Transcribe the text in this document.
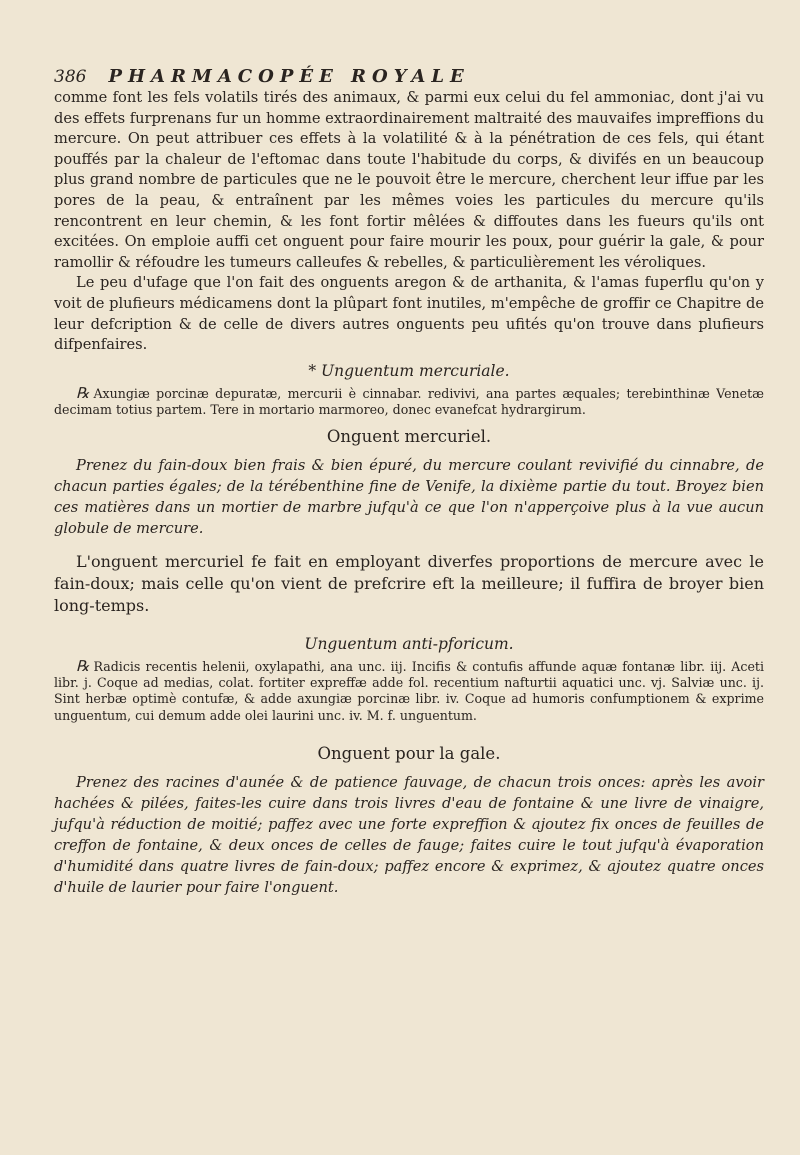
386 PHARMACOPÉE ROYALE

comme font les fels volatils tirés des animaux, & parmi eux celui du fel ammoniac, dont j'ai vu des effets furprenans fur un homme extraordinairement maltraité des mauvaifes impreffions du mercure. On peut attribuer ces effets à la volatilité & à la pénétration de ces fels, qui étant pouffés par la chaleur de l'eftomac dans toute l'habitude du corps, & divifés en un beaucoup plus grand nombre de particules que ne le pouvoit être le mercure, cherchent leur iffue par les pores de la peau, & entraînent par les mêmes voies les particules du mercure qu'ils rencontrent en leur chemin, & les font fortir mêlées & diffoutes dans les fueurs qu'ils ont excitées. On emploie auffi cet onguent pour faire mourir les poux, pour guérir la gale, & pour ramollir & réfoudre les tumeurs calleufes & rebelles, & particulièrement les véroliques.

Le peu d'ufage que l'on fait des onguents aregon & de arthanita, & l'amas fuperflu qu'on y voit de plufieurs médicamens dont la plûpart font inutiles, m'empêche de groffir ce Chapitre de leur defcription & de celle de divers autres onguents peu ufités qu'on trouve dans plufieurs difpenfaires.

* Unguentum mercuriale.

℞ Axungiæ porcinæ depuratæ, mercurii è cinnabar. redivivi, ana partes æquales; terebinthinæ Venetæ decimam totius partem. Tere in mortario marmoreo, donec evanefcat hydrargirum.

Onguent mercuriel.

Prenez du fain-doux bien frais & bien épuré, du mercure coulant revivifié du cinnabre, de chacun parties égales; de la térébenthine fine de Venife, la dixième partie du tout. Broyez bien ces matières dans un mortier de marbre jufqu'à ce que l'on n'apperçoive plus à la vue aucun globule de mercure.

L'onguent mercuriel fe fait en employant diverfes proportions de mercure avec le fain-doux; mais celle qu'on vient de prefcrire eft la meilleure; il fuffira de broyer bien long-temps.

Unguentum anti-pforicum.

℞ Radicis recentis helenii, oxylapathi, ana unc. iij. Incifis & contufis affunde aquæ fontanæ libr. iij. Aceti libr. j. Coque ad medias, colat. fortiter expreffæ adde fol. recentium nafturtii aquatici unc. vj. Salviæ unc. ij. Sint herbæ optimè contufæ, & adde axungiæ porcinæ libr. iv. Coque ad humoris confumptionem & exprime unguentum, cui demum adde olei laurini unc. iv. M. f. unguentum.

Onguent pour la gale.

Prenez des racines d'aunée & de patience fauvage, de chacun trois onces: après les avoir hachées & pilées, faites-les cuire dans trois livres d'eau de fontaine & une livre de vinaigre, jufqu'à réduction de moitié; paffez avec une forte expreffion & ajoutez fix onces de feuilles de creffon de fontaine, & deux onces de celles de fauge; faites cuire le tout jufqu'à évaporation d'humidité dans quatre livres de fain-doux; paffez encore & exprimez, & ajoutez quatre onces d'huile de laurier pour faire l'onguent.
